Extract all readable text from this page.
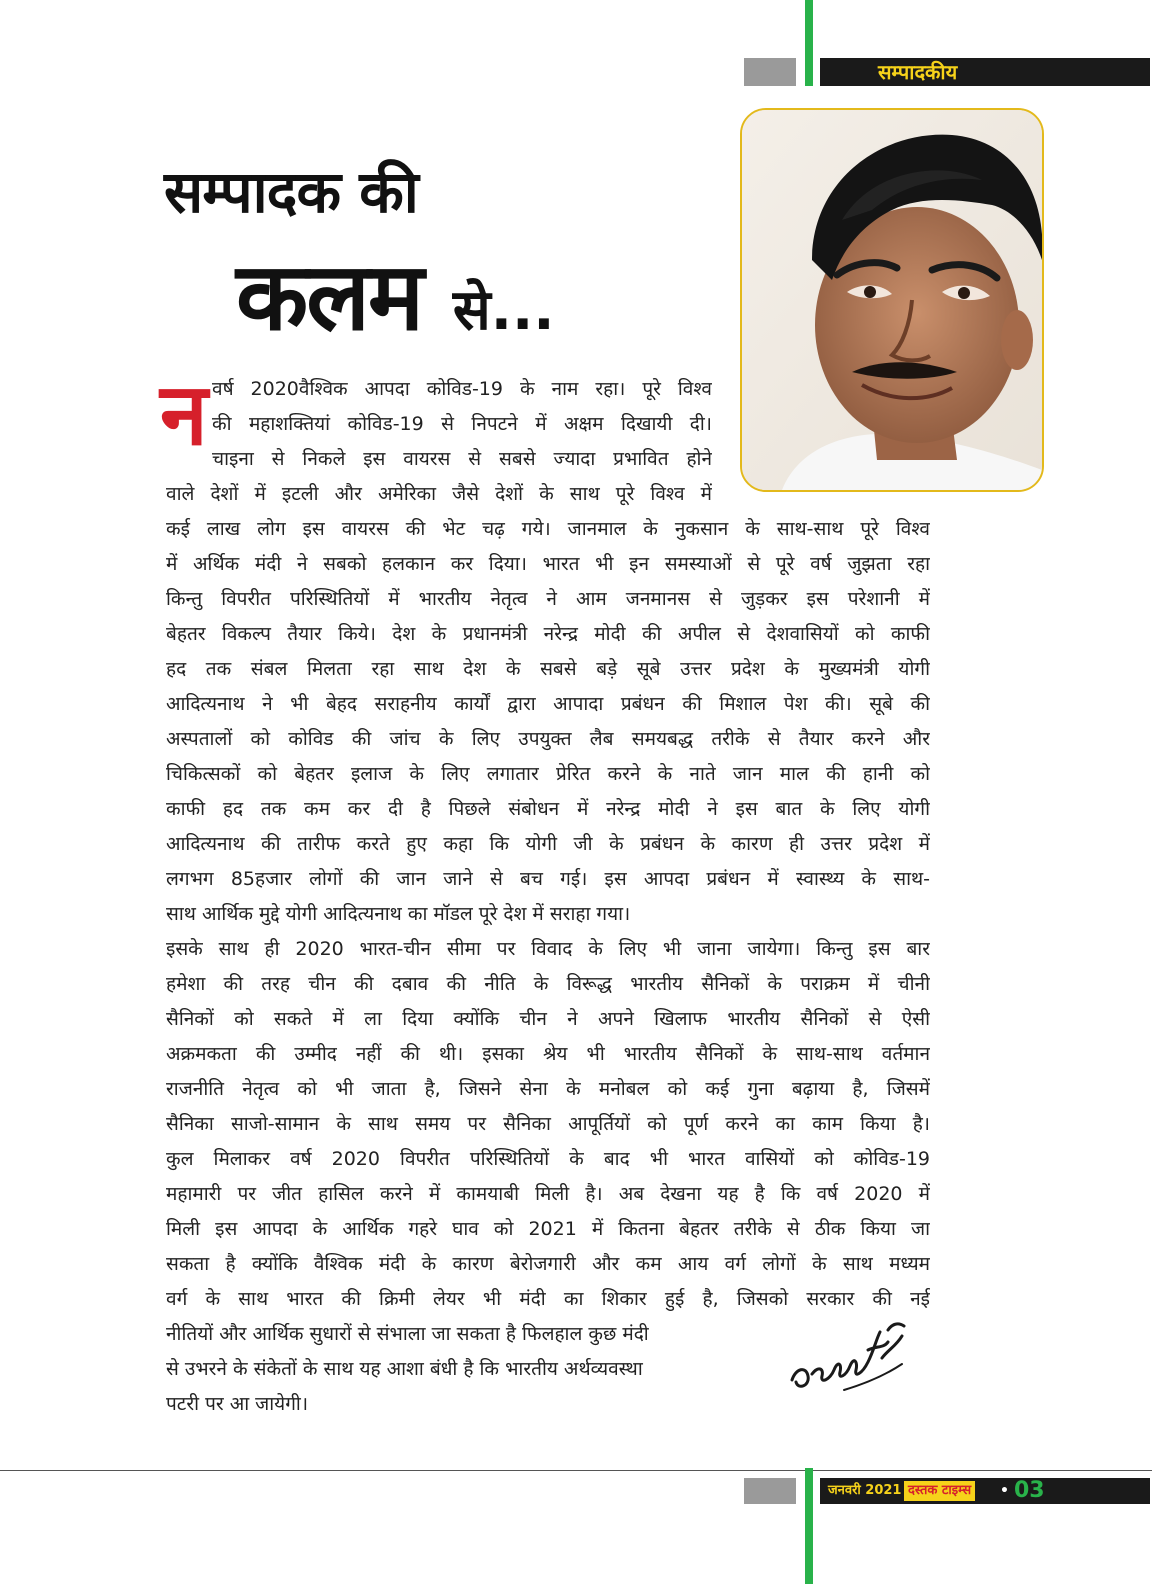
सम्पादकीय
सम्पादक की
कलम से...
न वर्ष 2020वैश्विक आपदा कोविड-19 के नाम रहा। पूरे विश्व
की महाशक्तियां कोविड-19 से निपटने में अक्षम दिखायी दी।
चाइना से निकले इस वायरस से सबसे ज्यादा प्रभावित होने
वाले देशों में इटली और अमेरिका जैसे देशों के साथ पूरे विश्व में
कई लाख लोग इस वायरस की भेट चढ़ गये। जानमाल के नुकसान के साथ-साथ पूरे विश्व
में अर्थिक मंदी ने सबको हलकान कर दिया। भारत भी इन समस्याओं से पूरे वर्ष जुझता रहा
किन्तु विपरीत परिस्थितियों में भारतीय नेतृत्व ने आम जनमानस से जुड़कर इस परेशानी में
बेहतर विकल्प तैयार किये। देश के प्रधानमंत्री नरेन्द्र मोदी की अपील से देशवासियों को काफी
हद तक संबल मिलता रहा साथ देश के सबसे बड़े सूबे उत्तर प्रदेश के मुख्यमंत्री योगी
आदित्यनाथ ने भी बेहद सराहनीय कार्यों द्वारा आपादा प्रबंधन की मिशाल पेश की। सूबे की
अस्पतालों को कोविड की जांच के लिए उपयुक्त लैब समयबद्ध तरीके से तैयार करने और
चिकित्सकों को बेहतर इलाज के लिए लगातार प्रेरित करने के नाते जान माल की हानी को
काफी हद तक कम कर दी है पिछले संबोधन में नरेन्द्र मोदी ने इस बात के लिए योगी
आदित्यनाथ की तारीफ करते हुए कहा कि योगी जी के प्रबंधन के कारण ही उत्तर प्रदेश में
लगभग 85हजार लोगों की जान जाने से बच गई। इस आपदा प्रबंधन में स्वास्थ्य के साथ-
साथ आर्थिक मुद्दे योगी आदित्यनाथ का मॉडल पूरे देश में सराहा गया।
इसके साथ ही 2020 भारत-चीन सीमा पर विवाद के लिए भी जाना जायेगा। किन्तु इस बार
हमेशा की तरह चीन की दबाव की नीति के विरूद्ध भारतीय सैनिकों के पराक्रम में चीनी
सैनिकों को सकते में ला दिया क्योंकि चीन ने अपने खिलाफ भारतीय सैनिकों से ऐसी
अक्रमकता की उम्मीद नहीं की थी। इसका श्रेय भी भारतीय सैनिकों के साथ-साथ वर्तमान
राजनीति नेतृत्व को भी जाता है, जिसने सेना के मनोबल को कई गुना बढ़ाया है, जिसमें
सैनिका साजो-सामान के साथ समय पर सैनिका आपूर्तियों को पूर्ण करने का काम किया है।
कुल मिलाकर वर्ष 2020 विपरीत परिस्थितियों के बाद भी भारत वासियों को कोविड-19
महामारी पर जीत हासिल करने में कामयाबी मिली है। अब देखना यह है कि वर्ष 2020 में
मिली इस आपदा के आर्थिक गहरे घाव को 2021 में कितना बेहतर तरीके से ठीक किया जा
सकता है क्योंकि वैश्विक मंदी के कारण बेरोजगारी और कम आय वर्ग लोगों के साथ मध्यम
वर्ग के साथ भारत की क्रिमी लेयर भी मंदी का शिकार हुई है, जिसको सरकार की नई
नीतियों और आर्थिक सुधारों से संभाला जा सकता है फिलहाल कुछ मंदी
से उभरने के संकेतों के साथ यह आशा बंधी है कि भारतीय अर्थव्यवस्था
पटरी पर आ जायेगी।
जनवरी 2021 दस्तक टाइम्स • 03
